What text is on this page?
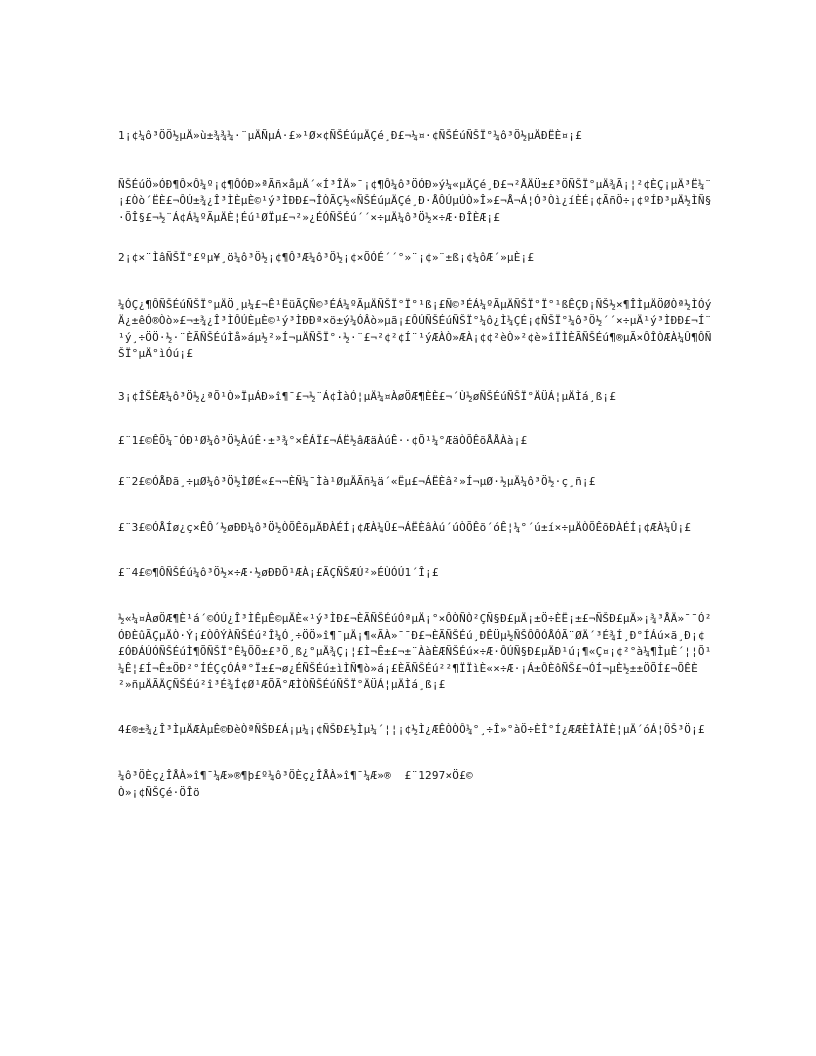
1¡¢¼ô³ÖÖ½µÄ»ù±¾¾¼·¨µÄÑµÁ·£»¹Ø×¢ÑŠÉúµÄÇé¸Ð£¬¼¤·¢ÑŠÉúÑŠÏ°¼ô³Ö½µÄÐËÈ¤¡£

ÑŠÉúÖ»ÓÐ¶Ô×Ô¼º¡¢¶ÔÓÐ»ªÃñ×åµÄ´«Í³ÎÄ»¯¡¢¶Ô¼ô³ÖÓÐ»ý¼«µÄÇé¸Ð£¬²ÅÄÜ±£³ÖÑŠÏ°µÄ¾Ã¡¦²¢ÈÇ¡µÄ³Ë¼¨¡£Òò´ËÈ£¬ÔÚ±¾¿Î³ÌÈµÈ©¹ý³ÌÐÐ£¬ÎÒÃÇ½«ÑŠÉúµÄÇé¸Ð·ÅÔÚµÚÒ»Î»£¬Å¬Á¦Ó³Òì¿íÈÉ¡¢ÃñÖ÷¡¢ºÍÐ³µÄ½ÌÑ§·ÕÎ§£¬½¨Á¢Á¼ºÃµÄÈ¦Éú¹ØÏµ£¬²»¿ÉÓÑŠÉú´´×÷µÄ¼ô³Ö½×÷Æ·ÐÎÈÆ¡£

2¡¢×¨ÌâÑŠÏ°£ºµ¥¸ö¼ô³Ö½¡¢¶Ô³Æ¼ô³Ö½¡¢×ÕÓÉ´´°»¨¡¢»¨±ß¡¢¼ôÆ´»µÈ¡£

¼ÓÇ¿¶ÔÑŠÉúÑŠÏ°µÄÖ¸µ¼£¬Ê¹ËüÃÇÑ©³ÉÁ¼ºÃµÄÑŠÏ°Ï°¹ß¡£Ñ©³ÉÁ¼ºÃµÄÑŠÏ°Ï°¹ßÊÇÐ¡ÑŠ½×¶ÎÌµÄÖØÒª½ÌÓýÄ¿±êÓ®Òò»£¬±¾¿Î³ÌÔÚÈµÈ©¹ý³ÌÐÐª×ö±ý¼ÓÂò»µã¡£ÔÚÑŠÉúÑŠÏ°¼ô¿Ì¼ÇÉ¡¢ÑŠÏ°¼ô³Ö½´´×÷µÄ¹ý³ÌÐÐ£¬Í¨¹ý¸÷ÖÖ·½·¨ÈÃÑŠÉúÌå»áµ½²»Í¬µÄÑŠÏ°·½·¨£¬²¢²¢Í¨¹ýÆÀÒ»ÆÀ¡¢¢²èÒ»²¢è»îÏÌÈÃÑŠÉú¶®µÃ×ÔÎÒÆÀ¼Û¶ÔÑŠÏ°µÄ°ìÓú¡£

3¡¢ÎŠÈÆ¼ô³Ö½¿ªÕ¹Ò»ÏµÁÐ»î¶¯£¬½¨Á¢ÌàÓ¦µÄ¼¤ÀøÖÆ¶ÈÈ£¬´Ù½øÑŠÉúÑŠÏ°ÄÜÁ¦µÄÌá¸ß¡£

£¨1£©ÊÕ¼¯ÓÐ¹Ø¼ô³Ö½ÀúÊ·±³¾°×ÊÁÏ£¬ÁË½âÆäÀúÊ··¢Õ¹¼°ÆäÒÕÊõÅÅÀà¡£

£¨2£©ÓÅÐã¸÷µØ¼ô³Ö½ÌØÉ«£¬¬ÈÑ¼¯Ìà¹ØµÄÃñ¼ä´«Ëµ£¬ÁËÈâ²»Í¬µØ·½µÄ¼ô³Ö½·ç¸ñ¡£

£¨3£©ÓÅÍø¿ç×ÊÔ´½øÐÐ¼ô³Ö½ÒÕÊõµÄÐÀÉÍ¡¢ÆÀ¼Û£¬ÁËÈâÀú´úÒÕÊõ´óÊ¦¼°´ú±í×÷µÄÒÕÊõÐÀÉÍ¡¢ÆÀ¼Û¡£

£¨4£©¶ÔÑŠÉú¼ô³Ö½×÷Æ·½øÐÐÕ¹ÆÀ¡£ÃÇÑŠÆÚ²»ÉÙÓÚ1´Î¡£

½«¼¤ÀøÖÆ¶È¹á´©ÓÚ¿Î³ÌÊµÊ©µÄÈ«¹ý³ÌÐ£¬ÈÃÑŠÉúÓªµÄ¡°×ÔÒÑÒ²ÇÑ§Ð£µÄ¡±Ö÷ÈË¡±£¬ÑŠÐ£µÄ»¡¾³ÅÄ»¯¯Ó²ÓÐÈûÃÇµÄÒ·Ý¡£ÒÔÝÀÑŠÉú²Î¼Ó¸÷ÖÖ»î¶¯µÄ¡¶«ÃÀ»¯¯Ð£¬ÈÃÑŠÉú¸ÐÊÜµ½ÑŠÔÔÓÅÓÃ¨ØÄ´³É¾Í¸Ð°ÍÁú×ã¸Ð¡¢£ÓÐÁÚÓÑŠÉúÌ¶ÕÑŠÏ°Ê¼ÕÕ±£³Ö¸ß¿°µÄ¾Ç¡¦£Ì¬Ê±£¬±¨ÀàÈÆÑŠÉú×÷Æ·ÔÚÑ§Ð£µÄÐ¹ú¡¶«Ç¤¡¢²°à¼¶ÌµÈ´¦¦Õ¹¼Ê¦£Í¬Ê±ÖÐ²°ÍÉÇçÓÁª°Ï±£¬ø¿ÉÑŠÉú±ìÌÑ¶ò»á¡£ÈÃÑŠÉú²²¶ÏÏìÈ«×÷Æ·¡Á±ÔÈôÑŠ£¬ÓÍ¬µÈ½±±ÖÕÍ£¬ÕÊÈ²»ñµÄÃÄÇÑŠÉú²î³É¾Í¢Ø¹ÆÕÃ°ÆÌÒÑŠÉúÑŠÏ°ÄÜÁ¦µÄÌá¸ß¡£

4£®±¾¿Î³ÌµÄÆÀµÊ©ÐèÒªÑŠÐ£Á¡µ¼¡¢ÑŠÐ£½Ìµ¼´¦¦¡¢½Ì¿ÆÊÒÒÔ¼°¸÷Î»°àÖ÷ÈÎ°Í¿ÆÆÈÎÀÏÈ¦µÄ´óÁ¦ÖŠ³Ö¡£

¼ô³ÖÈç¿ÎÅÀ»î¶¯¼Æ»®¶þ£º¼ô³ÖÈç¿ÎÅÀ»î¶¯¼Æ»®  £¨1297×Ö£©
Ò»¡¢ÑŠÇé·ÖÎö
